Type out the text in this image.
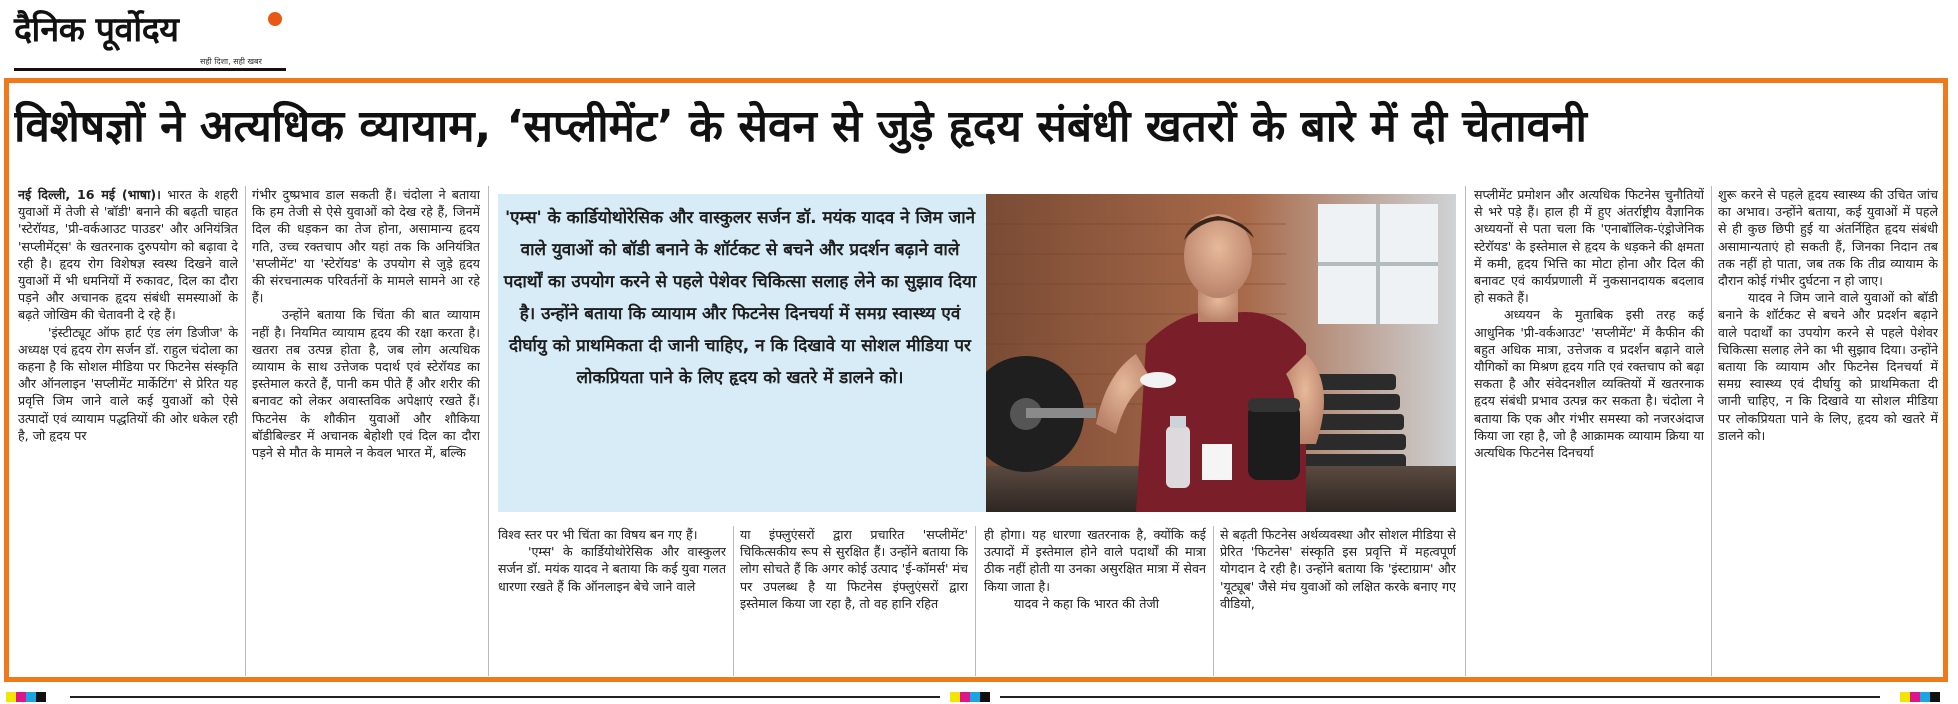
दैनिक पूर्वोदय
सही दिशा, सही खबर
विशेषज्ञों ने अत्यधिक व्यायाम, ‘सप्लीमेंट’ के सेवन से जुड़े हृदय संबंधी खतरों के बारे में दी चेतावनी

नई दिल्ली, 16 मई (भाषा)। भारत के शहरी युवाओं में तेजी से 'बॉडी' बनाने की बढ़ती चाहत 'स्टेरॉयड, 'प्री-वर्कआउट पाउडर' और अनियंत्रित 'सप्लीमेंट्स' के खतरनाक दुरुपयोग को बढ़ावा दे रही है। हृदय रोग विशेषज्ञ स्वस्थ दिखने वाले युवाओं में भी धमनियों में रुकावट, दिल का दौरा पड़ने और अचानक हृदय संबंधी समस्याओं के बढ़ते जोखिम की चेतावनी दे रहे हैं।

'इंस्टीट्यूट ऑफ हार्ट एंड लंग डिजीज' के अध्यक्ष एवं हृदय रोग सर्जन डॉ. राहुल चंदोला का कहना है कि सोशल मीडिया पर फिटनेस संस्कृति और ऑनलाइन 'सप्लीमेंट मार्केटिंग' से प्रेरित यह प्रवृत्ति जिम जाने वाले कई युवाओं को ऐसे उत्पादों एवं व्यायाम पद्धतियों की ओर धकेल रही है, जो हृदय पर

गंभीर दुष्प्रभाव डाल सकती हैं। चंदोला ने बताया कि हम तेजी से ऐसे युवाओं को देख रहे हैं, जिनमें दिल की धड़कन का तेज होना, असामान्य हृदय गति, उच्च रक्तचाप और यहां तक कि अनियंत्रित 'सप्लीमेंट' या 'स्टेरॉयड' के उपयोग से जुड़े हृदय की संरचनात्मक परिवर्तनों के मामले सामने आ रहे हैं।

उन्होंने बताया कि चिंता की बात व्यायाम नहीं है। नियमित व्यायाम हृदय की रक्षा करता है। खतरा तब उत्पन्न होता है, जब लोग अत्यधिक व्यायाम के साथ उत्तेजक पदार्थ एवं स्टेरॉयड का इस्तेमाल करते हैं, पानी कम पीते हैं और शरीर की बनावट को लेकर अवास्तविक अपेक्षाएं रखते हैं। फिटनेस के शौकीन युवाओं और शौकिया बॉडीबिल्डर में अचानक बेहोशी एवं दिल का दौरा पड़ने से मौत के मामले न केवल भारत में, बल्कि

'एम्स' के कार्डियोथोरेसिक और वास्कुलर सर्जन डॉ. मयंक यादव ने जिम जाने वाले युवाओं को बॉडी बनाने के शॉर्टकट से बचने और प्रदर्शन बढ़ाने वाले पदार्थों का उपयोग करने से पहले पेशेवर चिकित्सा सलाह लेने का सुझाव दिया है। उन्होंने बताया कि व्यायाम और फिटनेस दिनचर्या में समग्र स्वास्थ्य एवं दीर्घायु को प्राथमिकता दी जानी चाहिए, न कि दिखावे या सोशल मीडिया पर लोकप्रियता पाने के लिए हृदय को खतरे में डालने को।

विश्व स्तर पर भी चिंता का विषय बन गए हैं।

'एम्स' के कार्डियोथोरेसिक और वास्कुलर सर्जन डॉ. मयंक यादव ने बताया कि कई युवा गलत धारणा रखते हैं कि ऑनलाइन बेचे जाने वाले

या इंफ्लुएंसरों द्वारा प्रचारित 'सप्लीमेंट' चिकित्सकीय रूप से सुरक्षित हैं। उन्होंने बताया कि लोग सोचते हैं कि अगर कोई उत्पाद 'ई-कॉमर्स' मंच पर उपलब्ध है या फिटनेस इंफ्लुएंसरों द्वारा इस्तेमाल किया जा रहा है, तो वह हानि रहित

ही होगा। यह धारणा खतरनाक है, क्योंकि कई उत्पादों में इस्तेमाल होने वाले पदार्थों की मात्रा ठीक नहीं होती या उनका असुरक्षित मात्रा में सेवन किया जाता है।

यादव ने कहा कि भारत की तेजी

से बढ़ती फिटनेस अर्थव्यवस्था और सोशल मीडिया से प्रेरित 'फिटनेस' संस्कृति इस प्रवृत्ति में महत्वपूर्ण योगदान दे रही है। उन्होंने बताया कि 'इंस्टाग्राम' और 'यूट्यूब' जैसे मंच युवाओं को लक्षित करके बनाए गए वीडियो,

सप्लीमेंट प्रमोशन और अत्यधिक फिटनेस चुनौतियों से भरे पड़े हैं। हाल ही में हुए अंतर्राष्ट्रीय वैज्ञानिक अध्ययनों से पता चला कि 'एनाबॉलिक-एंड्रोजेनिक स्टेरॉयड' के इस्तेमाल से हृदय के धड़कने की क्षमता में कमी, हृदय भित्ति का मोटा होना और दिल की बनावट एवं कार्यप्रणाली में नुकसानदायक बदलाव हो सकते हैं।

अध्ययन के मुताबिक इसी तरह कई आधुनिक 'प्री-वर्कआउट' 'सप्लीमेंट' में कैफीन की बहुत अधिक मात्रा, उत्तेजक व प्रदर्शन बढ़ाने वाले यौगिकों का मिश्रण हृदय गति एवं रक्तचाप को बढ़ा सकता है और संवेदनशील व्यक्तियों में खतरनाक हृदय संबंधी प्रभाव उत्पन्न कर सकता है। चंदोला ने बताया कि एक और गंभीर समस्या को नजरअंदाज किया जा रहा है, जो है आक्रामक व्यायाम क्रिया या अत्यधिक फिटनेस दिनचर्या

शुरू करने से पहले हृदय स्वास्थ्य की उचित जांच का अभाव। उन्होंने बताया, कई युवाओं में पहले से ही कुछ छिपी हुई या अंतर्निहित हृदय संबंधी असामान्यताएं हो सकती हैं, जिनका निदान तब तक नहीं हो पाता, जब तक कि तीव्र व्यायाम के दौरान कोई गंभीर दुर्घटना न हो जाए।

यादव ने जिम जाने वाले युवाओं को बॉडी बनाने के शॉर्टकट से बचने और प्रदर्शन बढ़ाने वाले पदार्थों का उपयोग करने से पहले पेशेवर चिकित्सा सलाह लेने का भी सुझाव दिया। उन्होंने बताया कि व्यायाम और फिटनेस दिनचर्या में समग्र स्वास्थ्य एवं दीर्घायु को प्राथमिकता दी जानी चाहिए, न कि दिखावे या सोशल मीडिया पर लोकप्रियता पाने के लिए, हृदय को खतरे में डालने को।
